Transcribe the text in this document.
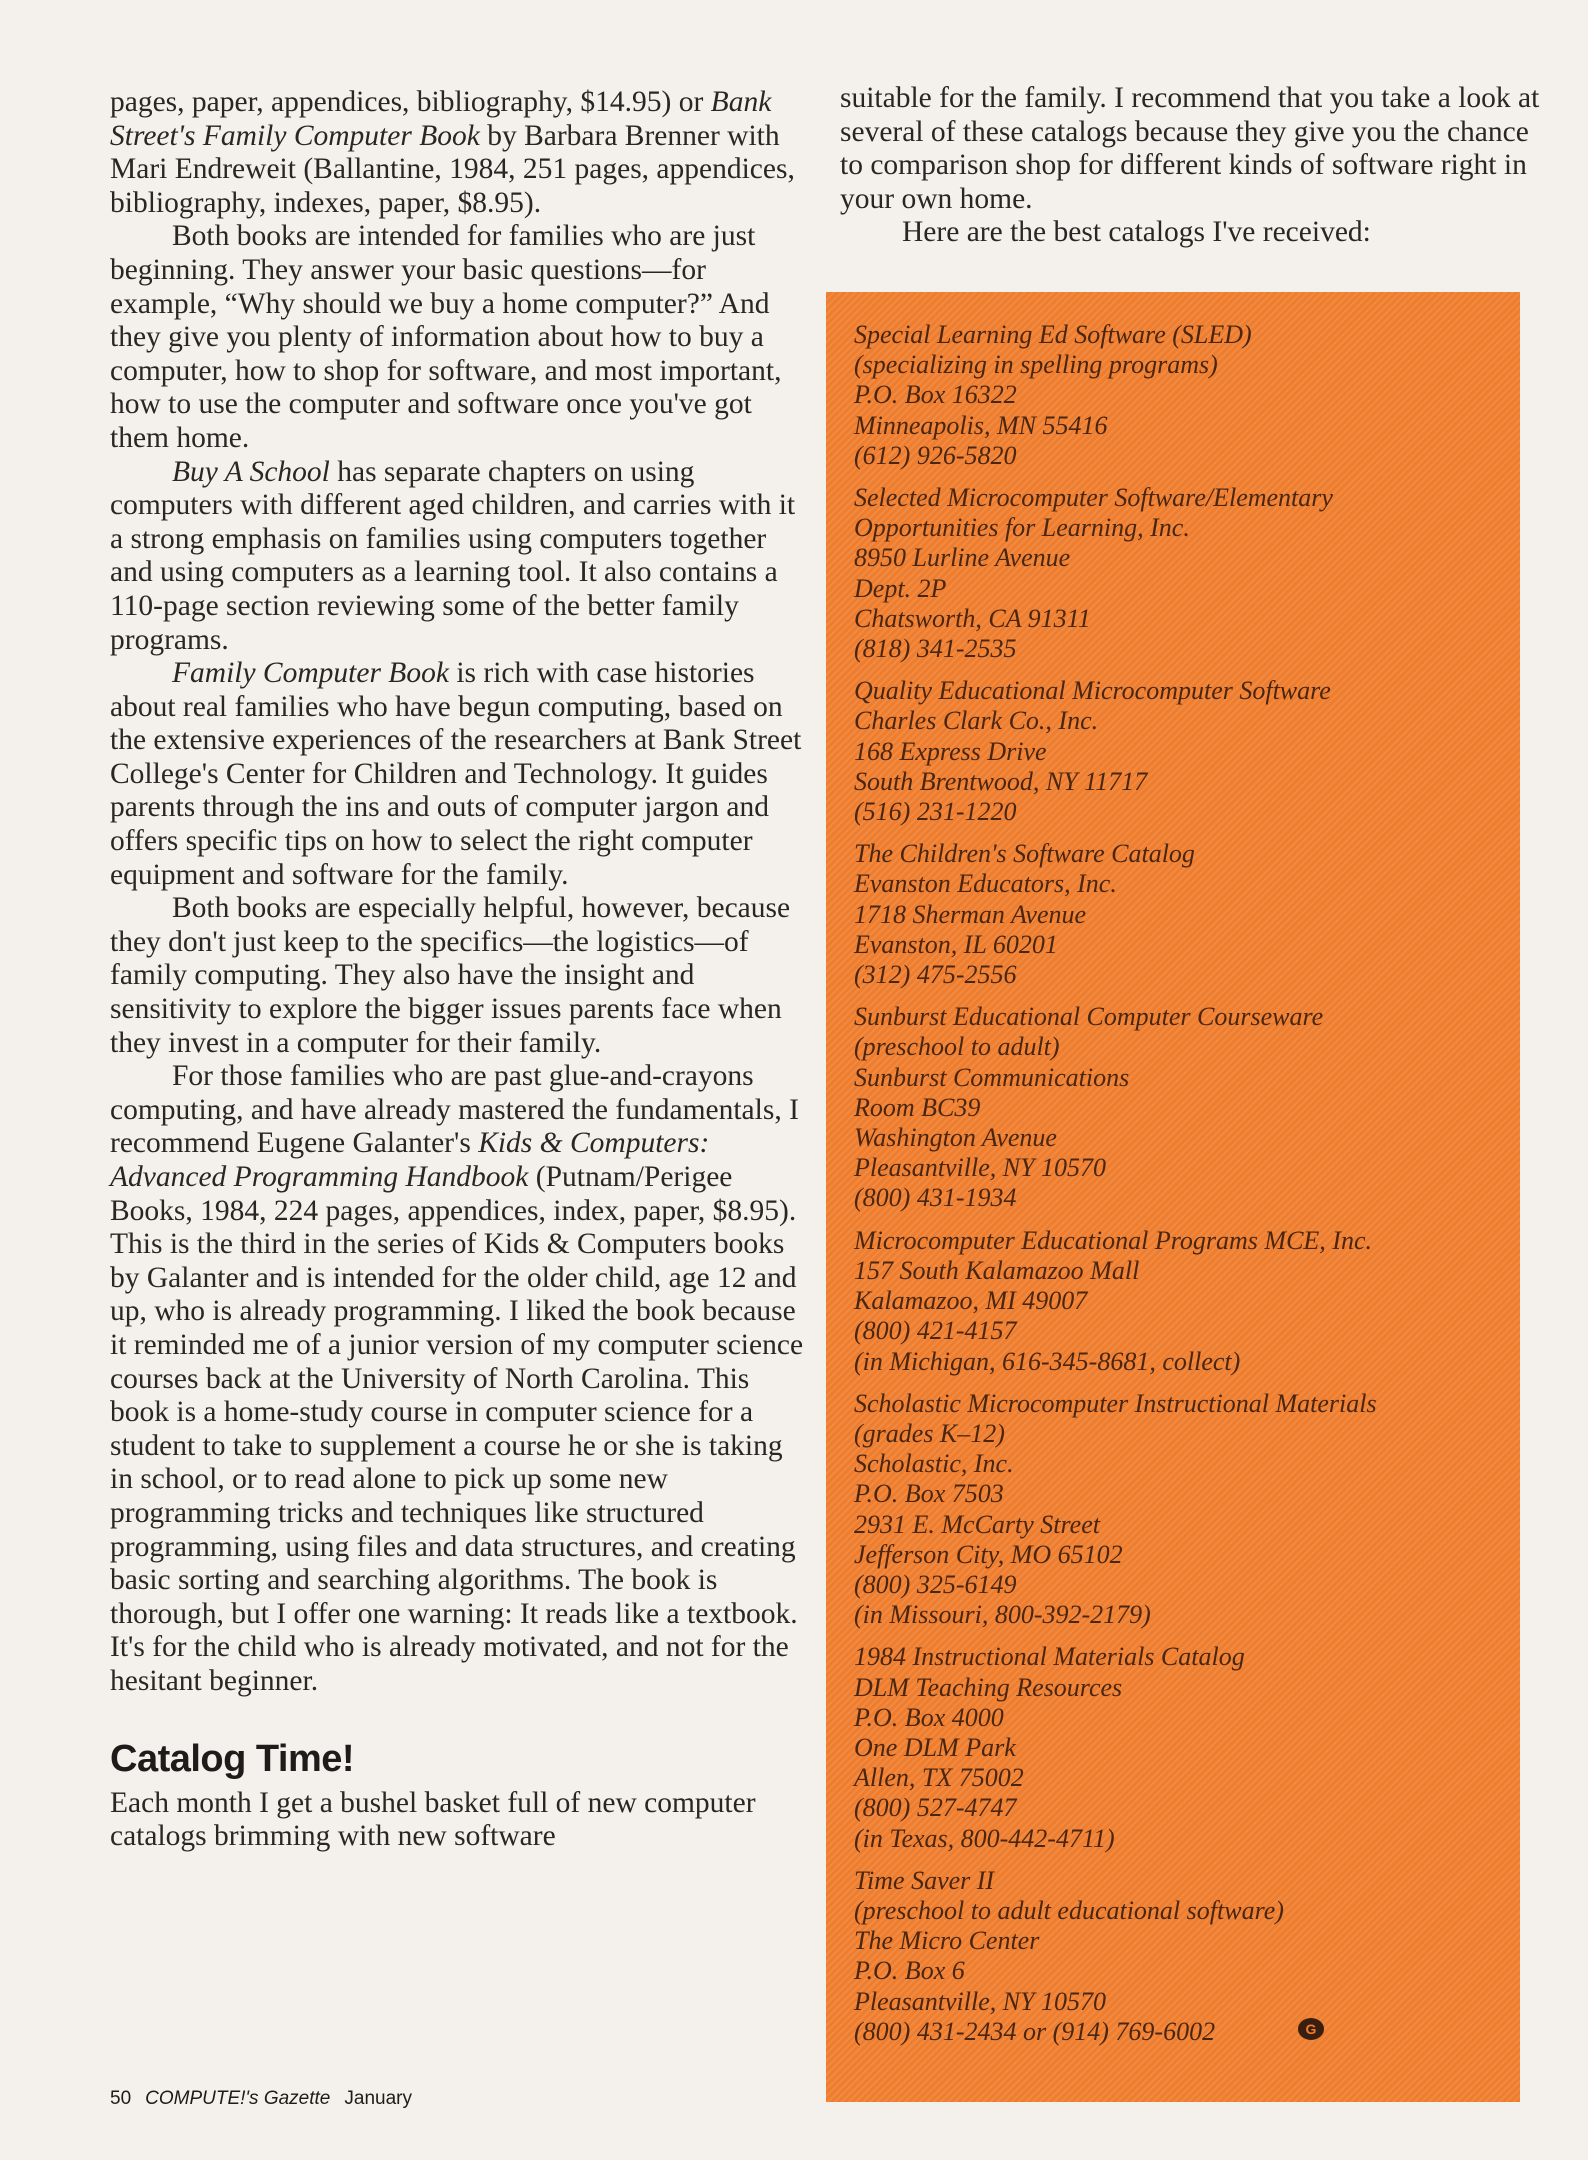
pages, paper, appendices, bibliography, $14.95) or Bank Street's Family Computer Book by Barbara Brenner with Mari Endreweit (Ballantine, 1984, 251 pages, appendices, bibliography, indexes, paper, $8.95).

Both books are intended for families who are just beginning. They answer your basic questions—for example, “Why should we buy a home computer?” And they give you plenty of information about how to buy a computer, how to shop for software, and most important, how to use the computer and software once you've got them home.

Buy A School has separate chapters on using computers with different aged children, and carries with it a strong emphasis on families using computers together and using computers as a learning tool. It also contains a 110-page section reviewing some of the better family programs.

Family Computer Book is rich with case histories about real families who have begun computing, based on the extensive experiences of the researchers at Bank Street College's Center for Children and Technology. It guides parents through the ins and outs of computer jargon and offers specific tips on how to select the right computer equipment and software for the family.

Both books are especially helpful, however, because they don't just keep to the specifics—the logistics—of family computing. They also have the insight and sensitivity to explore the bigger issues parents face when they invest in a computer for their family.

For those families who are past glue-and-crayons computing, and have already mastered the fundamentals, I recommend Eugene Galanter's Kids & Computers: Advanced Programming Handbook (Putnam/Perigee Books, 1984, 224 pages, appendices, index, paper, $8.95). This is the third in the series of Kids & Computers books by Galanter and is intended for the older child, age 12 and up, who is already programming. I liked the book because it reminded me of a junior version of my computer science courses back at the University of North Carolina. This book is a home-study course in computer science for a student to take to supplement a course he or she is taking in school, or to read alone to pick up some new programming tricks and techniques like structured programming, using files and data structures, and creating basic sorting and searching algorithms. The book is thorough, but I offer one warning: It reads like a textbook. It's for the child who is already motivated, and not for the hesitant beginner.

Catalog Time!

Each month I get a bushel basket full of new computer catalogs brimming with new software

suitable for the family. I recommend that you take a look at several of these catalogs because they give you the chance to comparison shop for different kinds of software right in your own home.

Here are the best catalogs I've received:

Special Learning Ed Software (SLED)
(specializing in spelling programs)
P.O. Box 16322
Minneapolis, MN 55416
(612) 926-5820
Selected Microcomputer Software/Elementary
Opportunities for Learning, Inc.
8950 Lurline Avenue
Dept. 2P
Chatsworth, CA 91311
(818) 341-2535
Quality Educational Microcomputer Software
Charles Clark Co., Inc.
168 Express Drive
South Brentwood, NY 11717
(516) 231-1220
The Children's Software Catalog
Evanston Educators, Inc.
1718 Sherman Avenue
Evanston, IL 60201
(312) 475-2556
Sunburst Educational Computer Courseware
(preschool to adult)
Sunburst Communications
Room BC39
Washington Avenue
Pleasantville, NY 10570
(800) 431-1934
Microcomputer Educational Programs MCE, Inc.
157 South Kalamazoo Mall
Kalamazoo, MI 49007
(800) 421-4157
(in Michigan, 616-345-8681, collect)
Scholastic Microcomputer Instructional Materials
(grades K–12)
Scholastic, Inc.
P.O. Box 7503
2931 E. McCarty Street
Jefferson City, MO 65102
(800) 325-6149
(in Missouri, 800-392-2179)
1984 Instructional Materials Catalog
DLM Teaching Resources
P.O. Box 4000
One DLM Park
Allen, TX 75002
(800) 527-4747
(in Texas, 800-442-4711)
Time Saver II
(preschool to adult educational software)
The Micro Center
P.O. Box 6
Pleasantville, NY 10570
(800) 431-2434 or (914) 769-6002	G
50 COMPUTE!'s Gazette January
